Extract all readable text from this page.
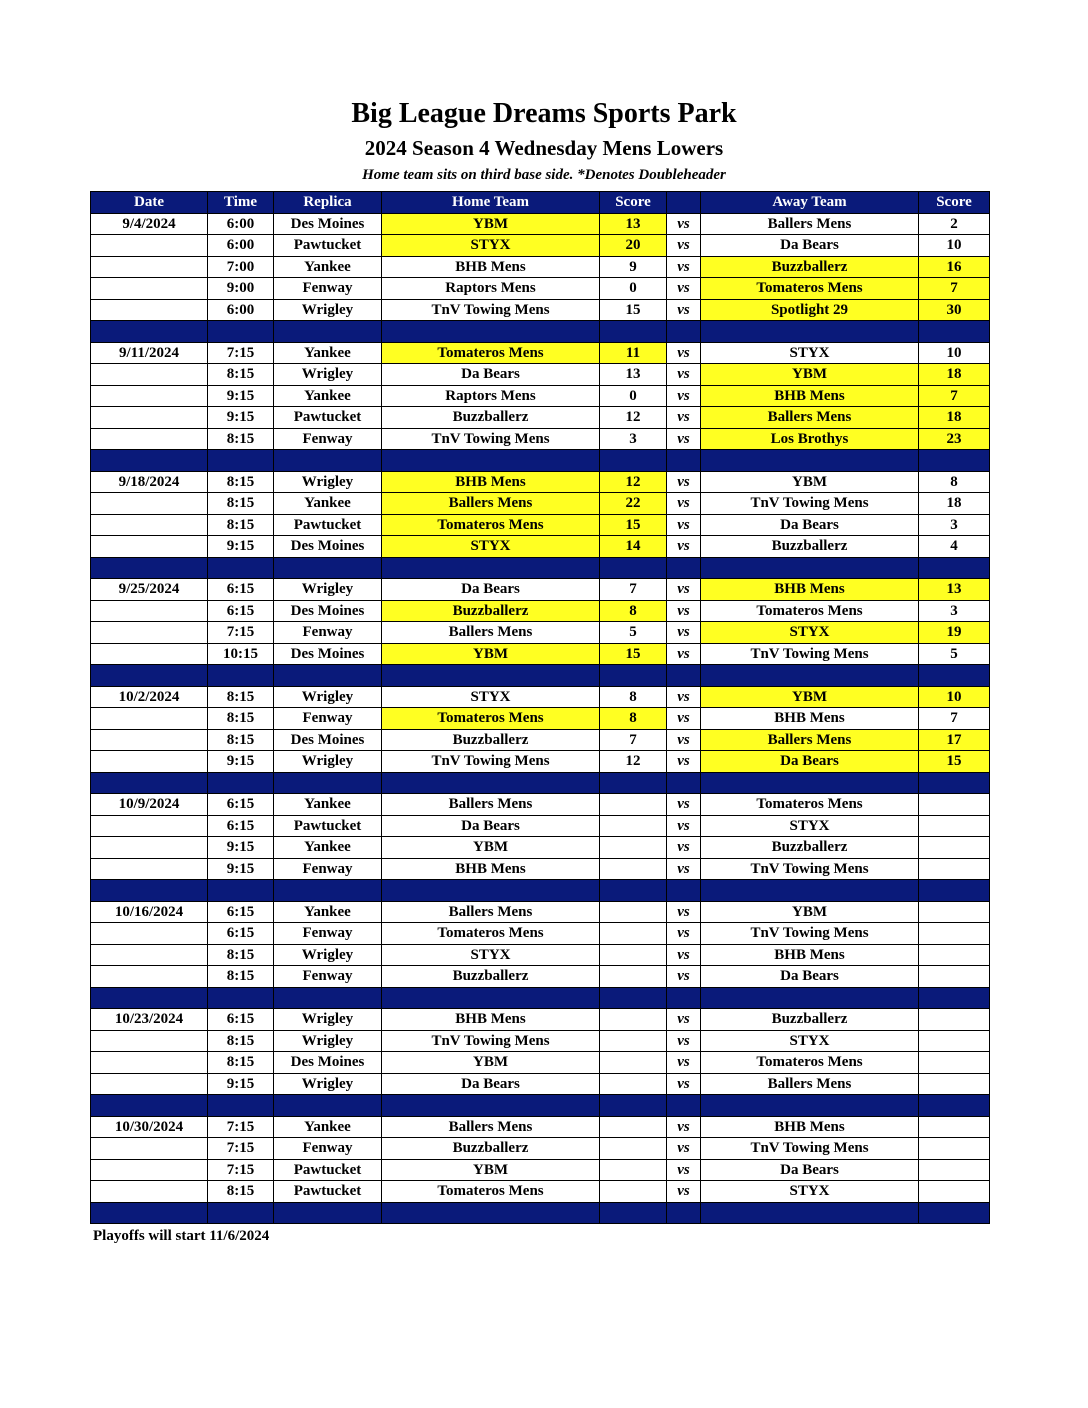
Big League Dreams Sports Park
2024 Season 4 Wednesday Mens Lowers
Home team sits on third base side. *Denotes Doubleheader
Date	Time	Replica	Home Team	Score		Away Team	Score
9/4/2024	6:00	Des Moines	YBM	13	vs	Ballers Mens	2
	6:00	Pawtucket	STYX	20	vs	Da Bears	10
	7:00	Yankee	BHB Mens	9	vs	Buzzballerz	16
	9:00	Fenway	Raptors Mens	0	vs	Tomateros Mens	7
	6:00	Wrigley	TnV Towing Mens	15	vs	Spotlight 29	30

9/11/2024	7:15	Yankee	Tomateros Mens	11	vs	STYX	10
	8:15	Wrigley	Da Bears	13	vs	YBM	18
	9:15	Yankee	Raptors Mens	0	vs	BHB Mens	7
	9:15	Pawtucket	Buzzballerz	12	vs	Ballers Mens	18
	8:15	Fenway	TnV Towing Mens	3	vs	Los Brothys	23

9/18/2024	8:15	Wrigley	BHB Mens	12	vs	YBM	8
	8:15	Yankee	Ballers Mens	22	vs	TnV Towing Mens	18
	8:15	Pawtucket	Tomateros Mens	15	vs	Da Bears	3
	9:15	Des Moines	STYX	14	vs	Buzzballerz	4

9/25/2024	6:15	Wrigley	Da Bears	7	vs	BHB Mens	13
	6:15	Des Moines	Buzzballerz	8	vs	Tomateros Mens	3
	7:15	Fenway	Ballers Mens	5	vs	STYX	19
	10:15	Des Moines	YBM	15	vs	TnV Towing Mens	5

10/2/2024	8:15	Wrigley	STYX	8	vs	YBM	10
	8:15	Fenway	Tomateros Mens	8	vs	BHB Mens	7
	8:15	Des Moines	Buzzballerz	7	vs	Ballers Mens	17
	9:15	Wrigley	TnV Towing Mens	12	vs	Da Bears	15

10/9/2024	6:15	Yankee	Ballers Mens		vs	Tomateros Mens	
	6:15	Pawtucket	Da Bears		vs	STYX	
	9:15	Yankee	YBM		vs	Buzzballerz	
	9:15	Fenway	BHB Mens		vs	TnV Towing Mens	

10/16/2024	6:15	Yankee	Ballers Mens		vs	YBM	
	6:15	Fenway	Tomateros Mens		vs	TnV Towing Mens	
	8:15	Wrigley	STYX		vs	BHB Mens	
	8:15	Fenway	Buzzballerz		vs	Da Bears	

10/23/2024	6:15	Wrigley	BHB Mens		vs	Buzzballerz	
	8:15	Wrigley	TnV Towing Mens		vs	STYX	
	8:15	Des Moines	YBM		vs	Tomateros Mens	
	9:15	Wrigley	Da Bears		vs	Ballers Mens	

10/30/2024	7:15	Yankee	Ballers Mens		vs	BHB Mens	
	7:15	Fenway	Buzzballerz		vs	TnV Towing Mens	
	7:15	Pawtucket	YBM		vs	Da Bears	
	8:15	Pawtucket	Tomateros Mens		vs	STYX	

Playoffs will start 11/6/2024
